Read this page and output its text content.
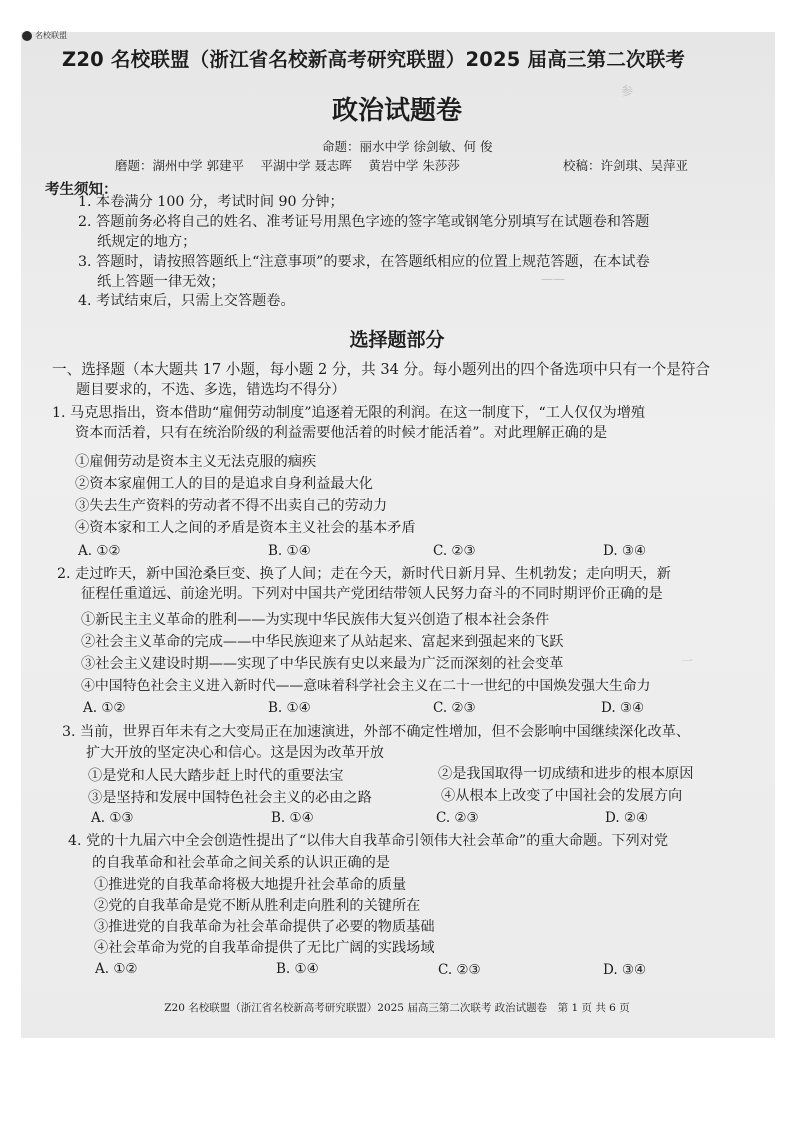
参
——
一
名校联盟
Z20 名校联盟（浙江省名校新高考研究联盟）2025 届高三第二次联考
政治试题卷
命题：丽水中学 徐剑敏、何 俊
磨题：湖州中学 郭建平　 平湖中学 聂志晖　 黄岩中学 朱莎莎	校稿：许剑琪、吴萍亚
考生须知：
1. 本卷满分 100 分，考试时间 90 分钟；
2. 答题前务必将自己的姓名、准考证号用黑色字迹的签字笔或钢笔分别填写在试题卷和答题
纸规定的地方；
3. 答题时，请按照答题纸上“注意事项”的要求，在答题纸相应的位置上规范答题，在本试卷
纸上答题一律无效；
4. 考试结束后，只需上交答题卷。
选择题部分
一、选择题（本大题共 17 小题，每小题 2 分，共 34 分。每小题列出的四个备选项中只有一个是符合
题目要求的，不选、多选，错选均不得分）
1. 马克思指出，资本借助“雇佣劳动制度”追逐着无限的利润。在这一制度下，“工人仅仅为增殖
资本而活着，只有在统治阶级的利益需要他活着的时候才能活着”。对此理解正确的是
①雇佣劳动是资本主义无法克服的痼疾
②资本家雇佣工人的目的是追求自身利益最大化
③失去生产资料的劳动者不得不出卖自己的劳动力
④资本家和工人之间的矛盾是资本主义社会的基本矛盾
A. ①②	B. ①④	C. ②③	D. ③④
2. 走过昨天，新中国沧桑巨变、换了人间；走在今天，新时代日新月异、生机勃发；走向明天，新
征程任重道远、前途光明。下列对中国共产党团结带领人民努力奋斗的不同时期评价正确的是
①新民主主义革命的胜利——为实现中华民族伟大复兴创造了根本社会条件
②社会主义革命的完成——中华民族迎来了从站起来、富起来到强起来的飞跃
③社会主义建设时期——实现了中华民族有史以来最为广泛而深刻的社会变革
④中国特色社会主义进入新时代——意味着科学社会主义在二十一世纪的中国焕发强大生命力
A. ①②	B. ①④	C. ②③	D. ③④
3. 当前，世界百年未有之大变局正在加速演进，外部不确定性增加，但不会影响中国继续深化改革、
扩大开放的坚定决心和信心。这是因为改革开放
①是党和人民大踏步赶上时代的重要法宝	②是我国取得一切成绩和进步的根本原因
③是坚持和发展中国特色社会主义的必由之路	④从根本上改变了中国社会的发展方向
A. ①③	B. ①④	C. ②③	D. ②④
4. 党的十九届六中全会创造性提出了“以伟大自我革命引领伟大社会革命”的重大命题。下列对党
的自我革命和社会革命之间关系的认识正确的是
①推进党的自我革命将极大地提升社会革命的质量
②党的自我革命是党不断从胜利走向胜利的关键所在
③推进党的自我革命为社会革命提供了必要的物质基础
④社会革命为党的自我革命提供了无比广阔的实践场域
A. ①②	B. ①④	C. ②③	D. ③④
Z20 名校联盟（浙江省名校新高考研究联盟）2025 届高三第二次联考 政治试题卷　第 1 页 共 6 页
